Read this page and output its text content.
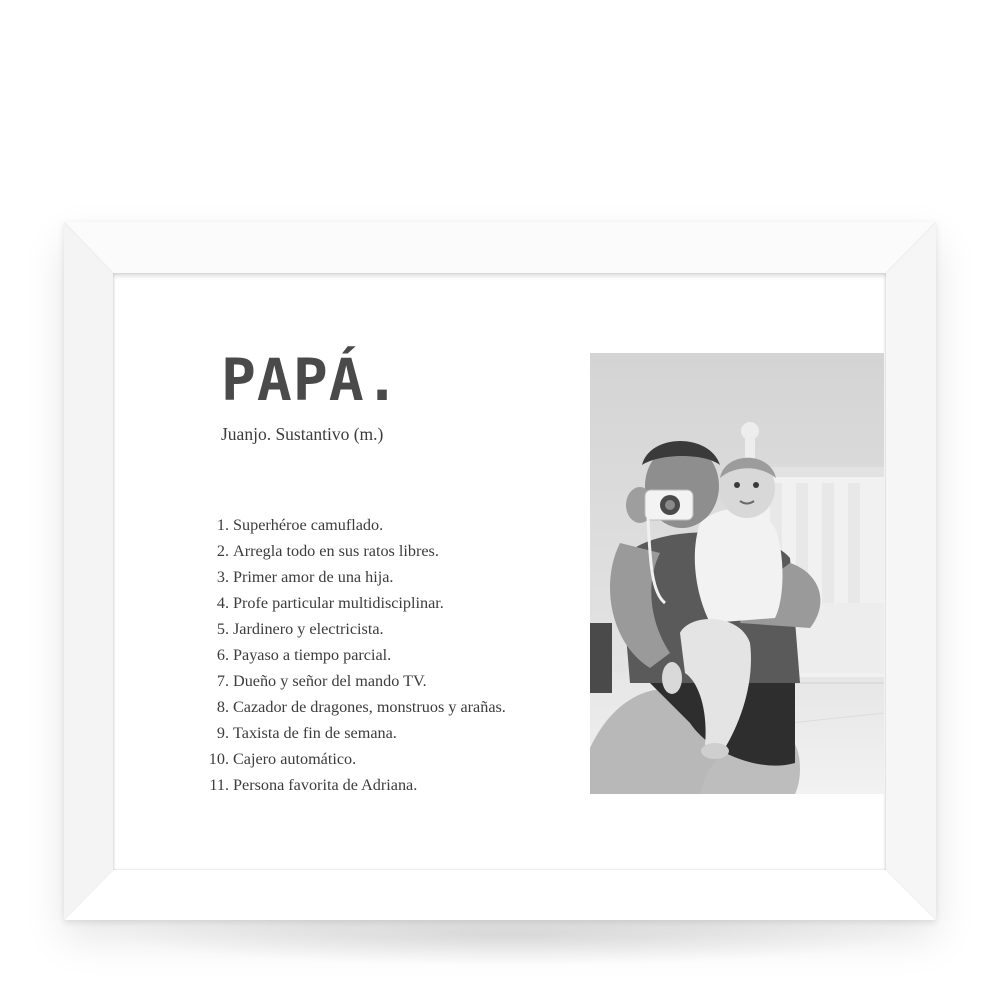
PAPÁ.
Juanjo. Sustantivo (m.)
1. Superhéroe camuflado.
2. Arregla todo en sus ratos libres.
3. Primer amor de una hija.
4. Profe particular multidisciplinar.
5. Jardinero y electricista.
6. Payaso a tiempo parcial.
7. Dueño y señor del mando TV.
8. Cazador de dragones, monstruos y arañas.
9. Taxista de fin de semana.
10. Cajero automático.
11. Persona favorita de Adriana.
